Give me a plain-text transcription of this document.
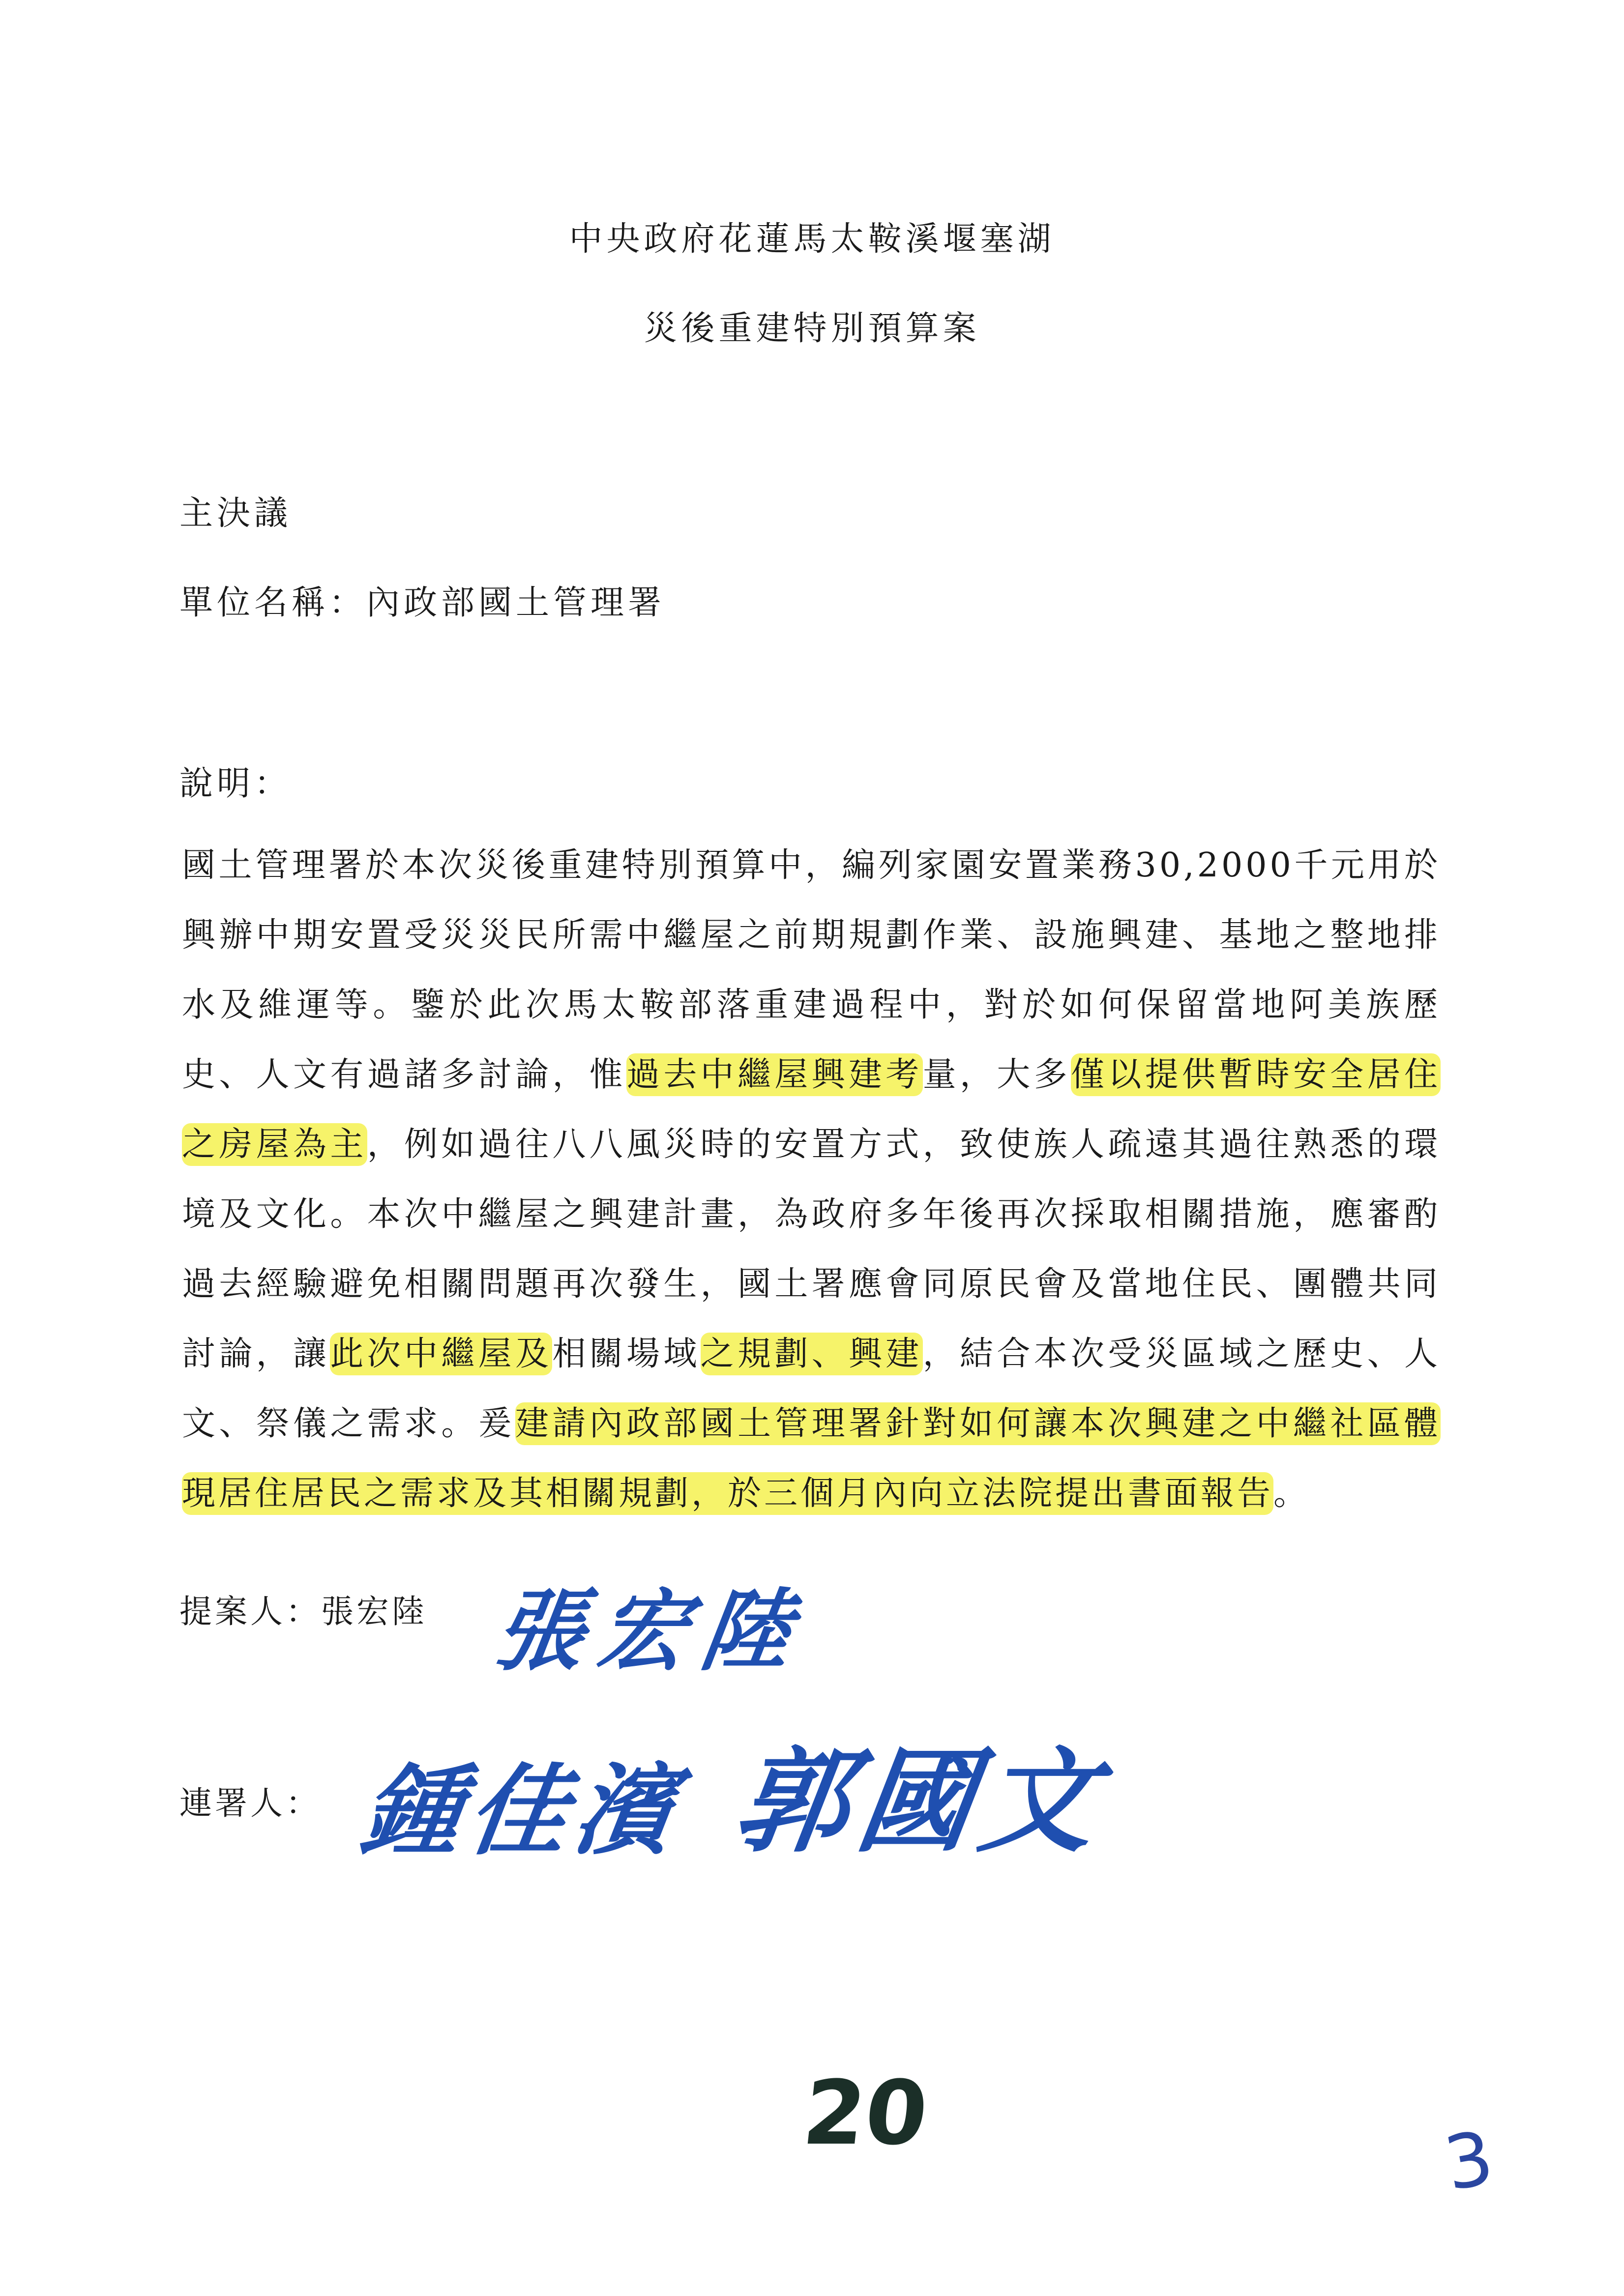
中央政府花蓮馬太鞍溪堰塞湖
災後重建特別預算案
主決議
單位名稱：內政部國土管理署
說明：
國土管理署於本次災後重建特別預算中，編列家園安置業務30,2000千元用於興辦中期安置受災災民所需中繼屋之前期規劃作業、設施興建、基地之整地排水及維運等。鑒於此次馬太鞍部落重建過程中，對於如何保留當地阿美族歷史、人文有過諸多討論，惟過去中繼屋興建考量，大多僅以提供暫時安全居住之房屋為主，例如過往八八風災時的安置方式，致使族人疏遠其過往熟悉的環境及文化。本次中繼屋之興建計畫，為政府多年後再次採取相關措施，應審酌過去經驗避免相關問題再次發生，國土署應會同原民會及當地住民、團體共同討論，讓此次中繼屋及相關場域之規劃、興建，結合本次受災區域之歷史、人文、祭儀之需求。爰建請內政部國土管理署針對如何讓本次興建之中繼社區體現居住居民之需求及其相關規劃，於三個月內向立法院提出書面報告。
提案人：張宏陸 張宏陸
連署人： 鍾佳濱 郭國文
20	3
